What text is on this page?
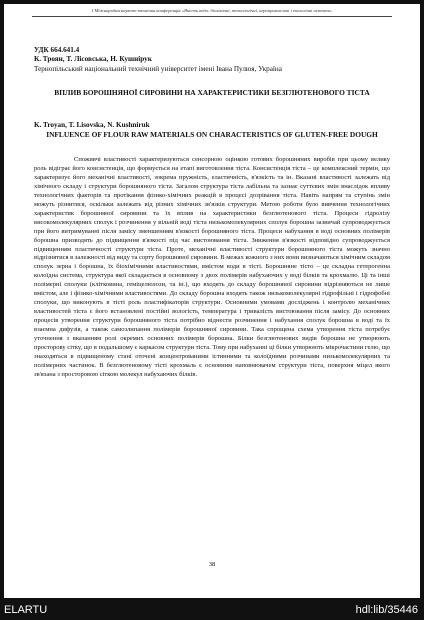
I Міжнародна науково-технічна конференція «Якість води: біохімічні, технологічні, агропромислові і екологічні аспекти»
УДК 664.641.4
К. Троян, Т. Лісовська, Н. Кушнірук
Тернопільський національний технічний університет імені Івана Пулюя, Україна
ВПЛИВ БОРОШНЯНОЇ СИРОВИНИ НА ХАРАКТЕРИСТИКИ БЕЗГЛЮТЕНОВОГО ТІСТА
K. Troyan, T. Lisovska, N. Kushniruk
INFLUENCE OF FLOUR RAW MATERIALS ON CHARACTERISTICS OF GLUTEN-FREE DOUGH

Споживчі властивості характеризуються сенсорною оцінкою готових борошняних виробів при цьому велику роль відіграє його консистенція, що формується на етапі виготовлення тіста. Консистенція тіста – це комплексний термін, що характеризує його механічні властивості, зокрема пружність, еластичність, в'язкість та ін. Вказані властивості залежать від хімічного складу і структури борошняного тіста. Загалом структура тіста лабільна та зазнає суттєвих змін внаслідок впливу технологічних факторів та протікання фізико-хімічних реакцій в процесі дозрівання тіста. Навіть напрям та ступінь змін можуть різнитися, оскільки залежать від різних хімічних зв'язків структури. Метою роботи було вивчення технологічних характеристик борошняної сировини та їх вплив на характеристики безглютенового тіста. Процеси гідролізу високомолекулярних сполук і розчинення у вільній воді тіста низькомолекулярних сполук борошна зазвичай супроводжується при його витримуванні після замісу зменшенням в'язкості борошняного тіста. Процеси набухання в воді основних полімерів борошна призводять до підвищення в'язкості під час вистоювання тіста. Зниження в'язкості відповідно супроводжується підвищенням пластичності структури тіста. Проте, механічні властивості структури борошняного тіста можуть значно відрізнятися в залежності від виду та сорту борошняної сировини. В межах кожного з них вони визначаються хімічним складом сполук зерна і борошна, їх біохімічними властивостями, вмістом води в тісті. Борошняне тісто – це складна гетерогенна колоїдна система, структура якої складається в основному з двох полімерів набухаючих у воді білків та крохмалю. Ці та інші полімерні сполуки (клітковина, геміцелюлози, та ін.), що входять до складу борошняної сировини відрізняються не лише вмістом, але і фізико-хімічними властивостями. До складу борошна входять також низькомолекулярні гідрофільні і гідрофобні сполуки, що виконують в тісті роль пластифікаторів структури. Основними умовами досліджень і контролю механічних властивостей тіста є його встановлені постійні вологість, температура і тривалість вистоювання після замісу. До основних процесів утворення структури борошняного тіста потрібно віднести розчинення і набухання сполук борошна в воді та їх взаємна дифузія, а також самозлипання полімерів борошняної сировини. Така спрощена схема утворення тіста потребує уточнення з вказанням ролі окремих основних полімерів борошна. Білки безглютенових видів борошна не утворюють просторову сітку, що в подальшому є каркасом структури тіста. Тому при набуханні ці білки утворюють мікрочастини гелю, що знаходяться в підвищеному стані оточені концентрованими істинними та колоїдними розчинами низькомолекулярних та полімерних частинок. В безглютеновому тісті крохмаль є основним наповнювачем структури тіста, поверхня міцел якого зв'язана з просторовою сіткою молекул набухаючих білків.

38
ELARTU	hdl:lib/35446
